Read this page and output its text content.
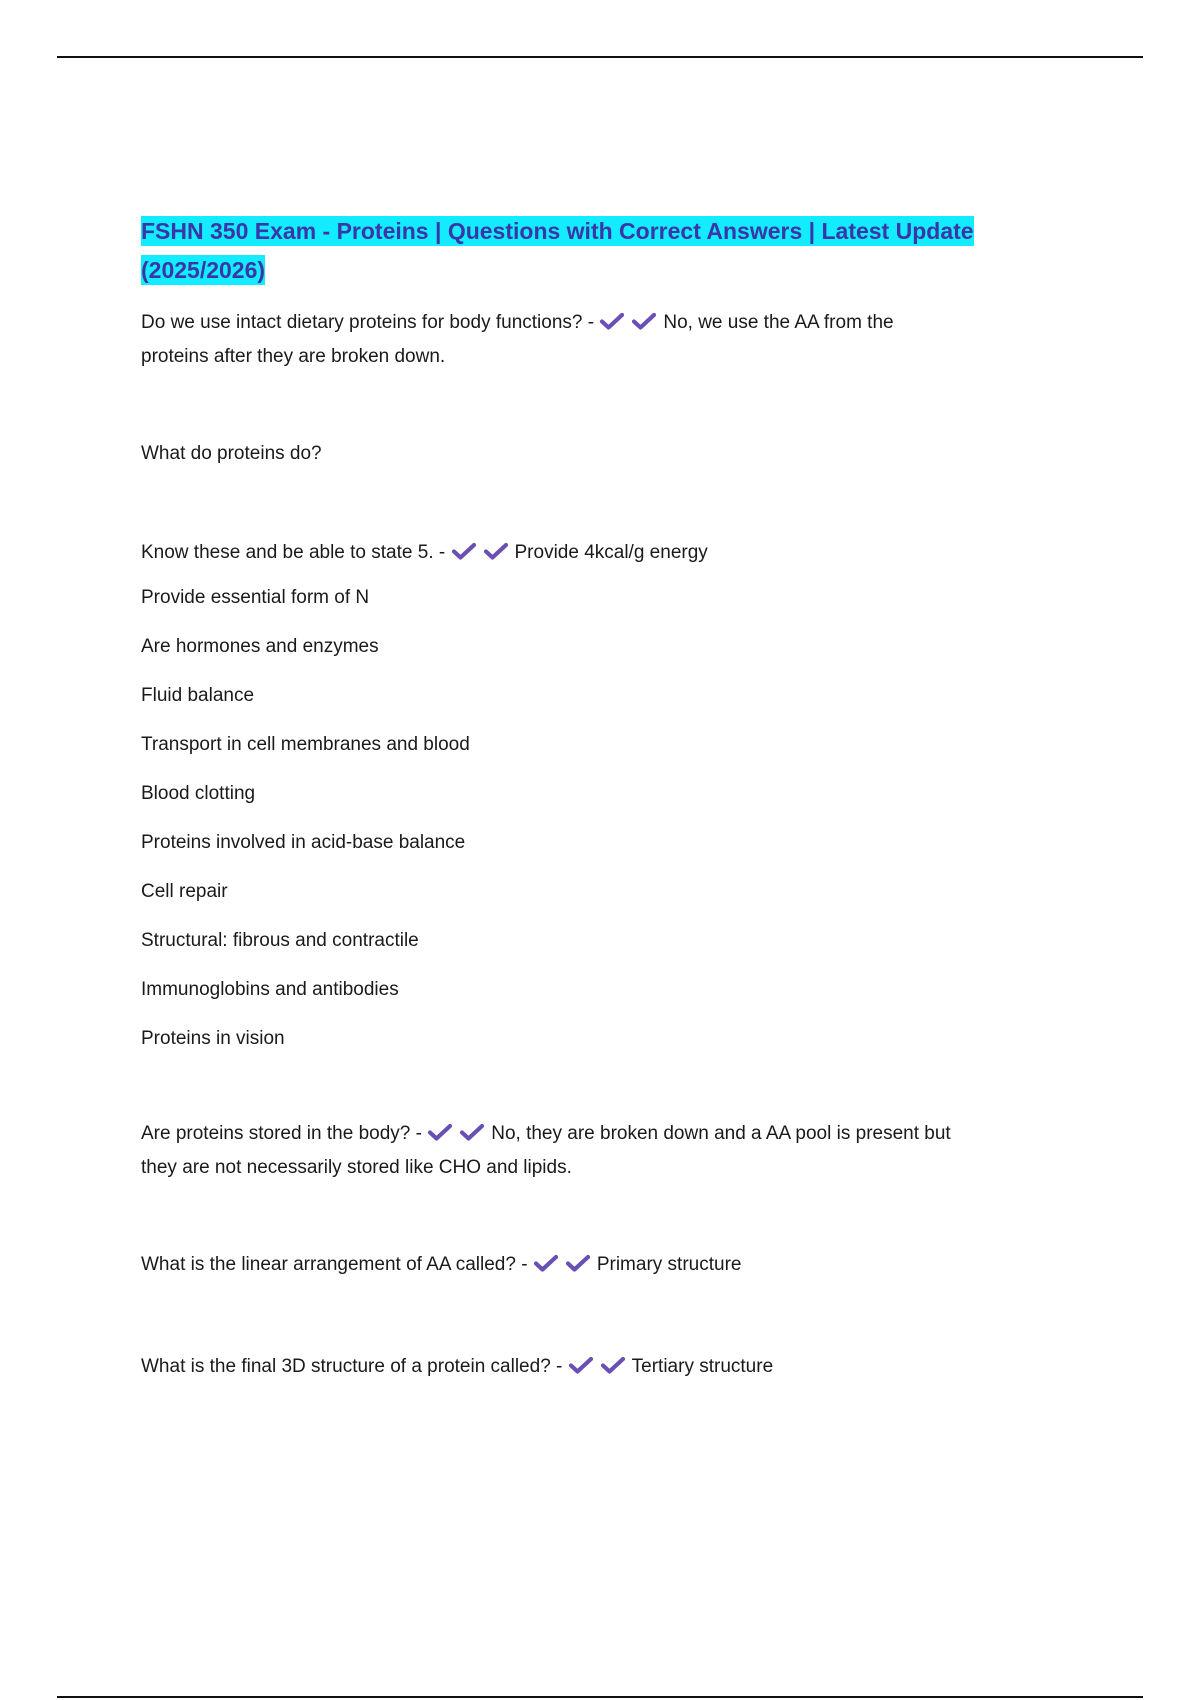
FSHN 350 Exam - Proteins | Questions with Correct Answers | Latest Update
(2025/2026)
Do we use intact dietary proteins for body functions? -	No, we use the AA from the
proteins after they are broken down.
What do proteins do?
Know these and be able to state 5. -	Provide 4kcal/g energy
Provide essential form of N
Are hormones and enzymes
Fluid balance
Transport in cell membranes and blood
Blood clotting
Proteins involved in acid-base balance
Cell repair
Structural: fibrous and contractile
Immunoglobins and antibodies
Proteins in vision
Are proteins stored in the body? -	No, they are broken down and a AA pool is present but
they are not necessarily stored like CHO and lipids.
What is the linear arrangement of AA called? -	Primary structure
What is the final 3D structure of a protein called? -	Tertiary structure
